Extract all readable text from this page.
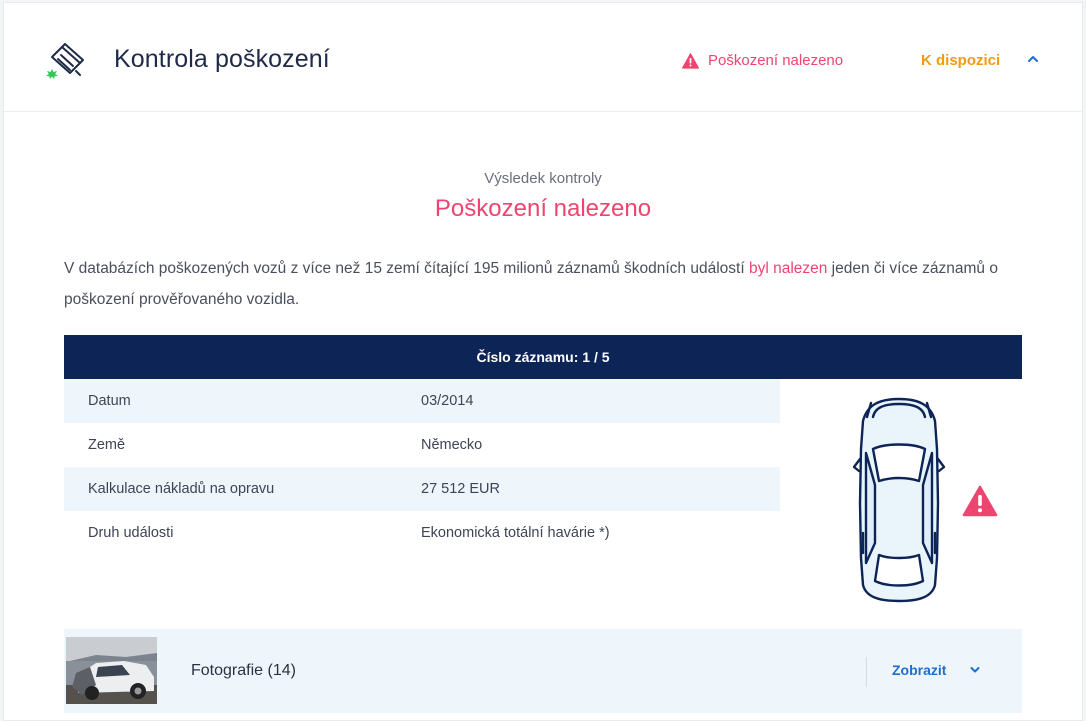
Kontrola poškození	Poškození nalezeno	K dispozici
Výsledek kontroly
Poškození nalezeno

V databázích poškozených vozů z více než 15 zemí čítající 195 milionů záznamů škodních událostí byl nalezen jeden či více záznamů o poškození prověřovaného vozidla.

Číslo záznamu: 1 / 5
Datum	03/2014
Země	Německo
Kalkulace nákladů na opravu	27 512 EUR
Druh události	Ekonomická totální havárie *)
Fotografie (14)	Zobrazit
